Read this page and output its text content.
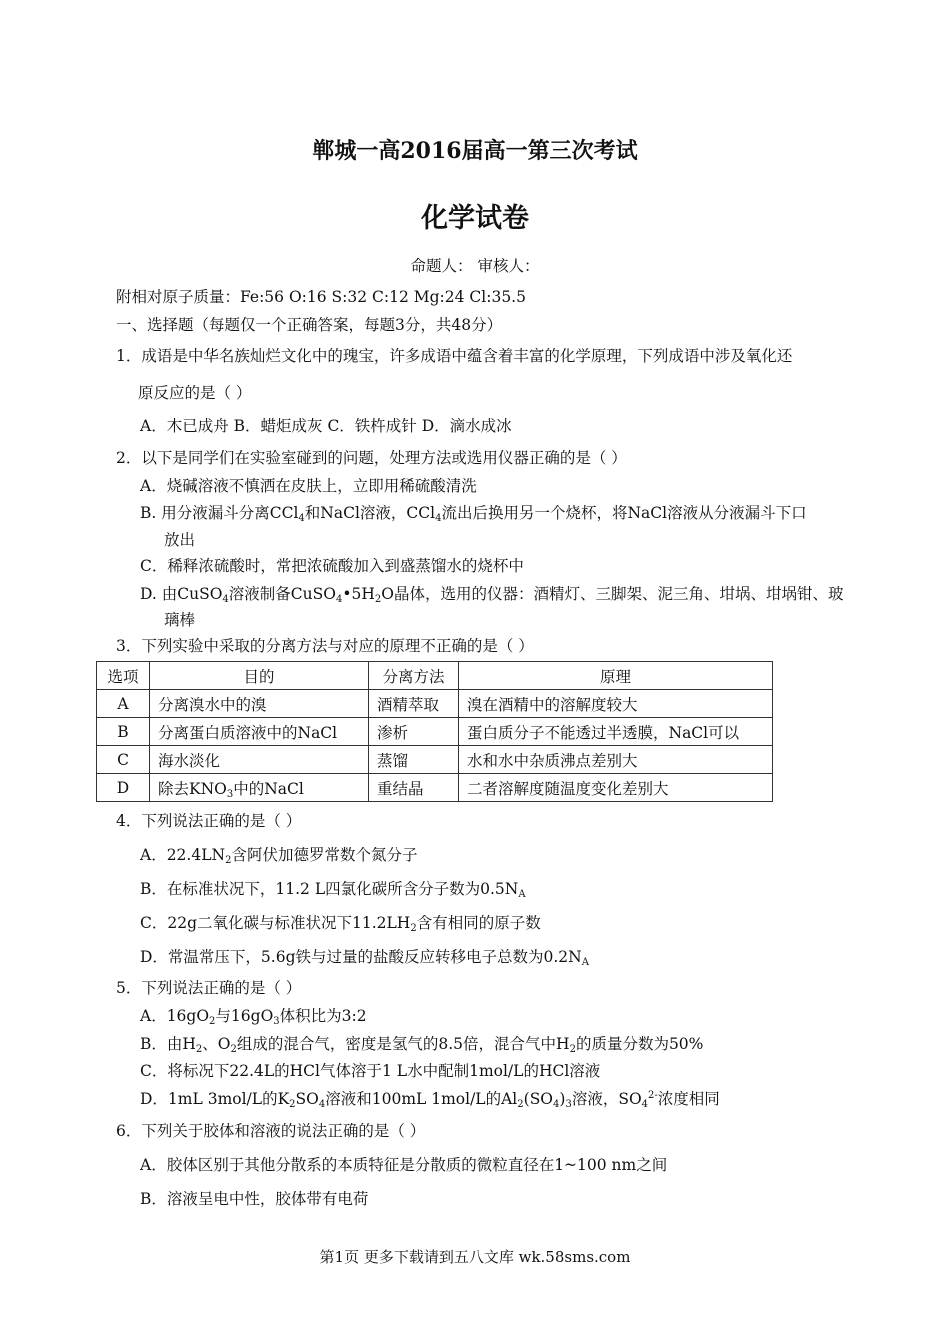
郸城一高2016届高一第三次考试
化学试卷
命题人： 审核人：
附相对原子质量：Fe:56 O:16 S:32 C:12 Mg:24 Cl:35.5
一、选择题（每题仅一个正确答案，每题3分，共48分）
1．成语是中华名族灿烂文化中的瑰宝，许多成语中蕴含着丰富的化学原理，下列成语中涉及氧化还
原反应的是（ ）
A．木已成舟 B．蜡炬成灰 C．铁杵成针 D．滴水成冰
2．以下是同学们在实验室碰到的问题，处理方法或选用仪器正确的是（ ）
A．烧碱溶液不慎洒在皮肤上，立即用稀硫酸清洗
B. 用分液漏斗分离CCl$_4$和NaCl溶液，CCl$_4$流出后换用另一个烧杯，将NaCl溶液从分液漏斗下口
放出
C．稀释浓硫酸时，常把浓硫酸加入到盛蒸馏水的烧杯中
D. 由CuSO$_4$溶液制备$CuSO_4•5H_2O$晶体，选用的仪器：酒精灯、三脚架、泥三角、坩埚、坩埚钳、玻
璃棒
3．下列实验中采取的分离方法与对应的原理不正确的是（ ）
选项	目的	分离方法	原理
A	分离溴水中的溴	酒精萃取	溴在酒精中的溶解度较大
B	分离蛋白质溶液中的NaCl	渗析	蛋白质分子不能透过半透膜，NaCl可以
C	海水淡化	蒸馏	水和水中杂质沸点差别大
D	除去$KNO_3$中的NaCl	重结晶	二者溶解度随温度变化差别大
4．下列说法正确的是（ ）
A．$22.4LN_2$含阿伏加德罗常数个氮分子
B．在标准状况下，11.2 L四氯化碳所含分子数为$0.5N_A$
C．22g二氧化碳与标准状况下$11.2LH_2$含有相同的原子数
D．常温常压下，5.6g铁与过量的盐酸反应转移电子总数为$0.2N_A$
5．下列说法正确的是（ ）
A．$16gO_2$与$16gO_3$体积比为3:2
B．由$H_2$、$O_2$组成的混合气，密度是氢气的8.5倍，混合气中$H_2$的质量分数为50%
C．将标况下22.4L的HCl气体溶于1 L水中配制1mol/L的HCl溶液
D．1mL 3mol/L的$K_2SO_4$溶液和100mL 1mol/L的$Al_2(SO_4)_3$溶液，$SO_4^{2-}$浓度相同
6．下列关于胶体和溶液的说法正确的是（ ）
A．胶体区别于其他分散系的本质特征是分散质的微粒直径在1~100 nm之间
B．溶液呈电中性，胶体带有电荷
第1页 更多下载请到五八文库 wk.58sms.com
